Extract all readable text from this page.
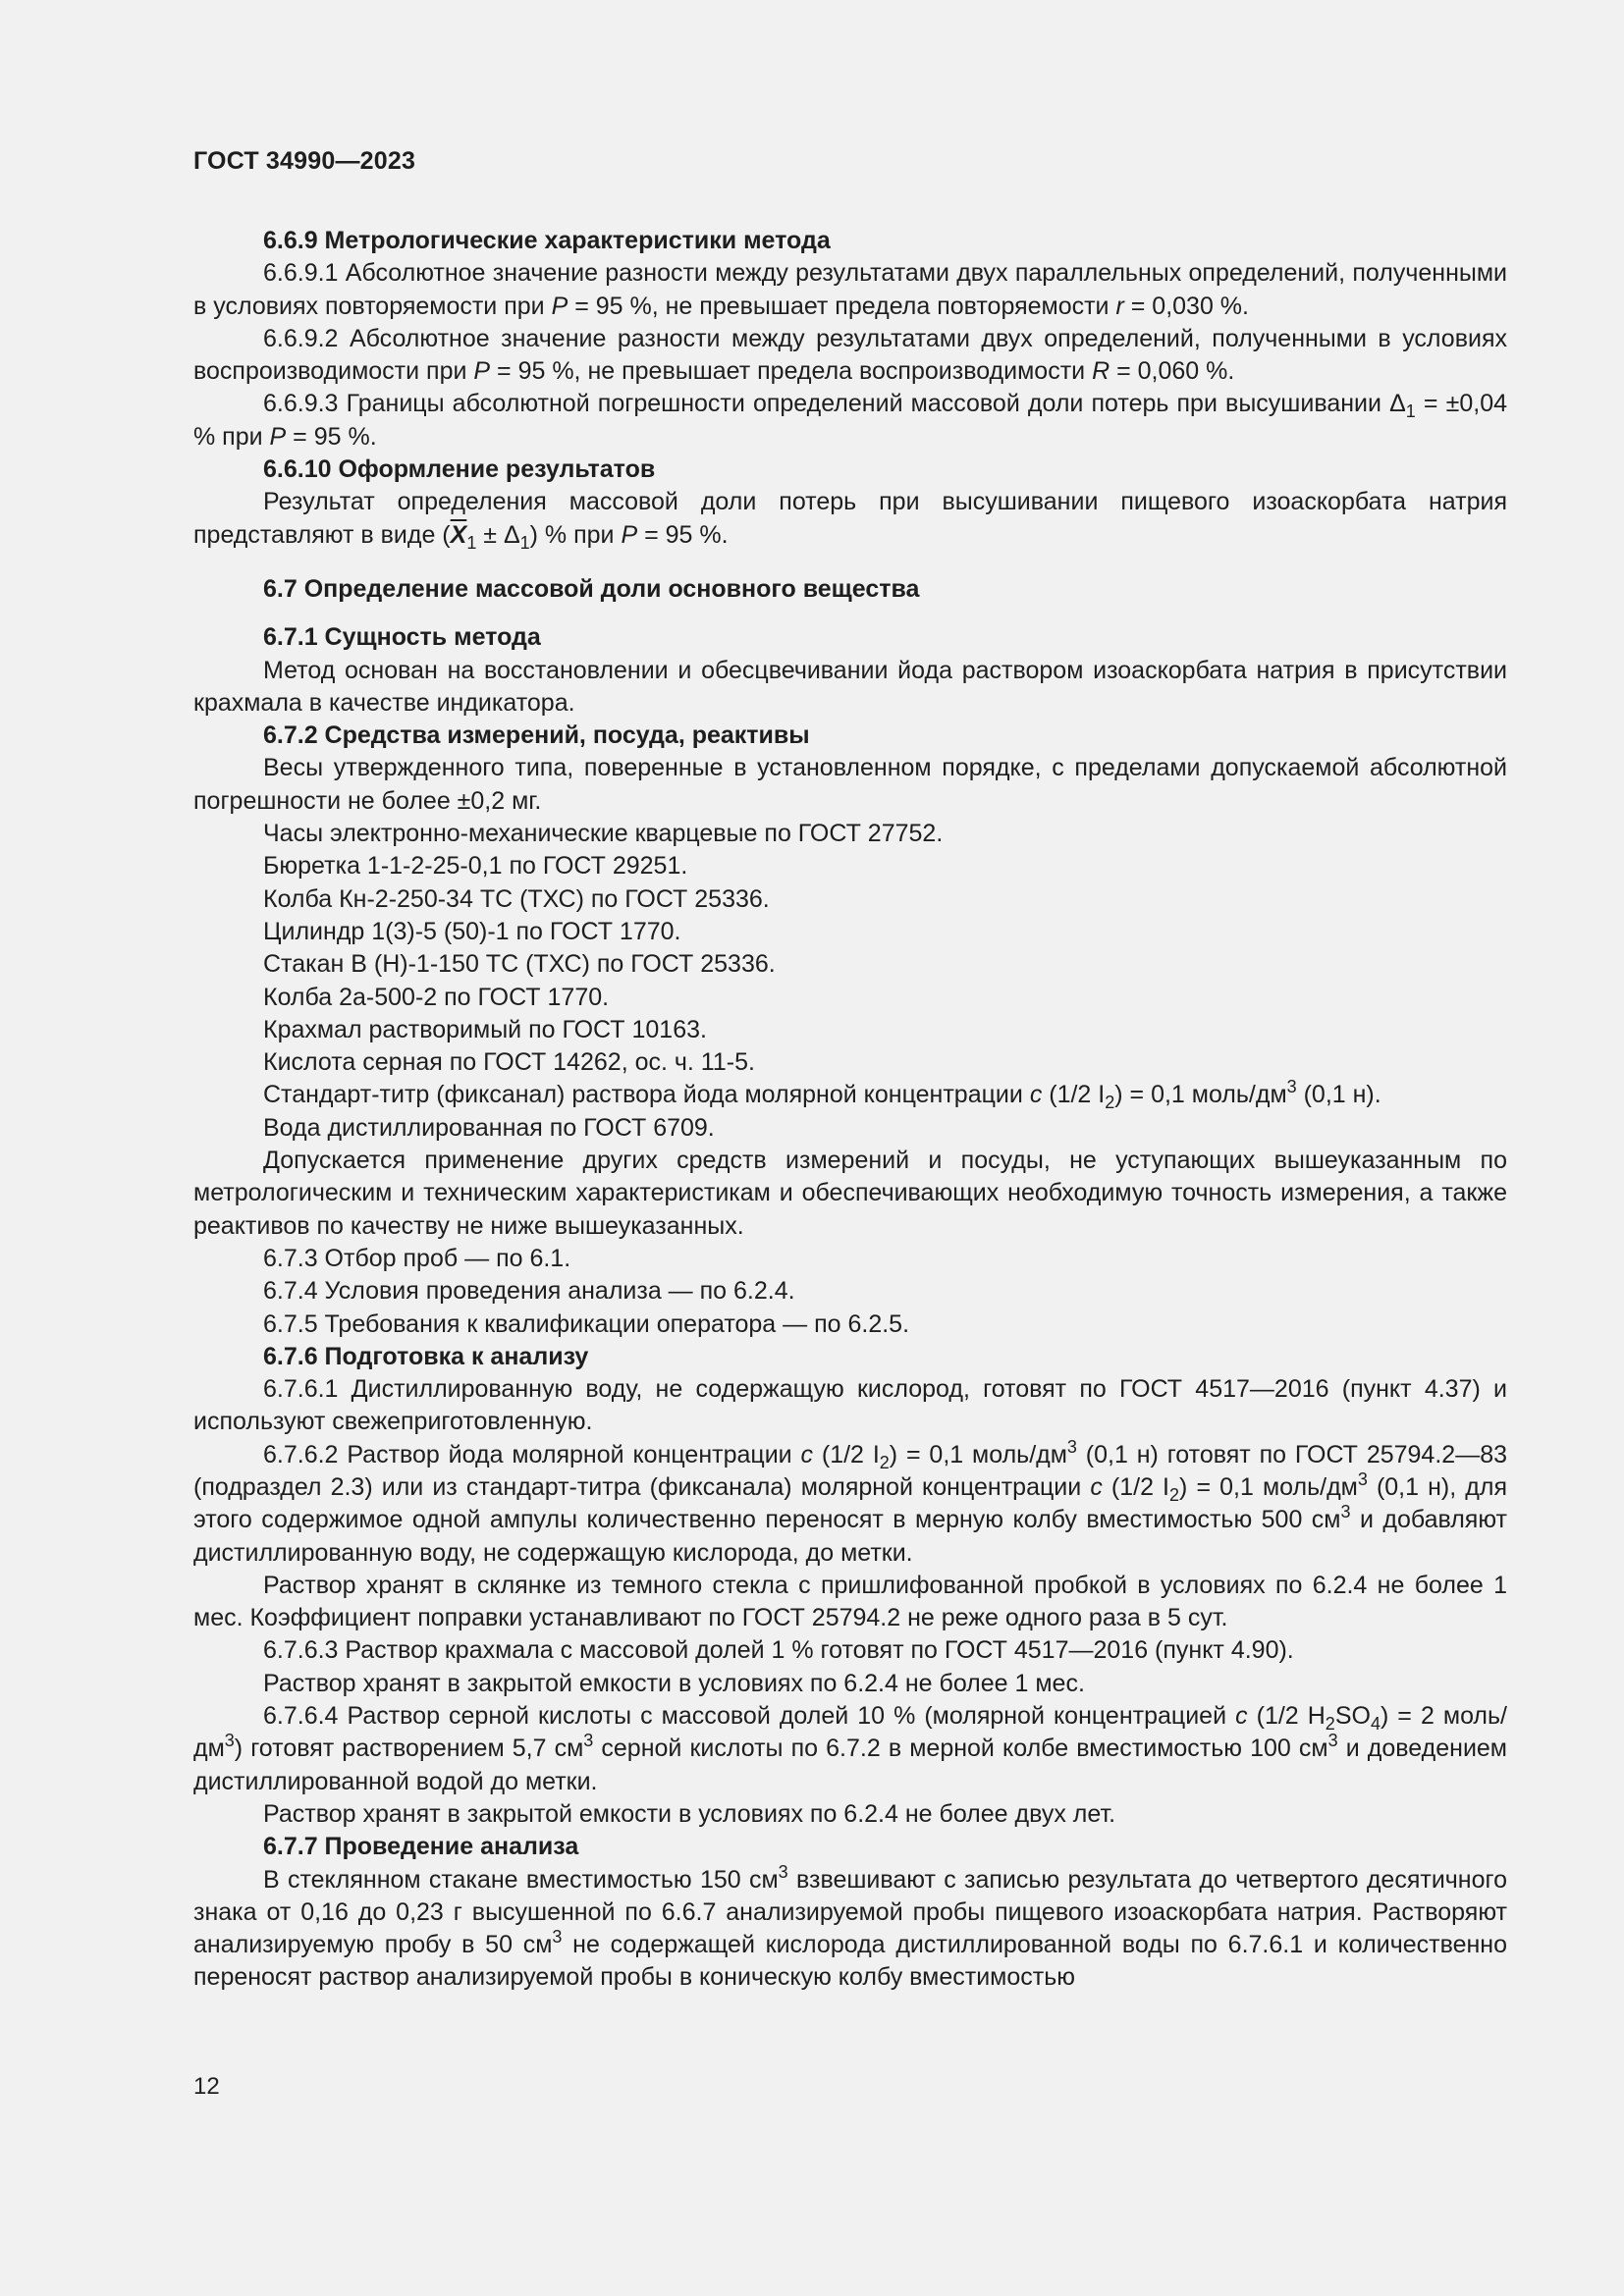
ГОСТ 34990—2023

6.6.9 Метрологические характеристики метода

6.6.9.1 Абсолютное значение разности между результатами двух параллельных определений, полученными в условиях повторяемости при P = 95 %, не превышает предела повторяемости r = 0,030 %.

6.6.9.2 Абсолютное значение разности между результатами двух определений, полученными в условиях воспроизводимости при P = 95 %, не превышает предела воспроизводимости R = 0,060 %.

6.6.9.3 Границы абсолютной погрешности определений массовой доли потерь при высушивании $\Delta_1 = \pm 0,04$ % при P = 95 %.

6.6.10 Оформление результатов

Результат определения массовой доли потерь при высушивании пищевого изоаскорбата натрия представляют в виде $(\overline{X}_1 \pm \Delta_1)$ % при P = 95 %.

6.7 Определение массовой доли основного вещества

6.7.1 Сущность метода

Метод основан на восстановлении и обесцвечивании йода раствором изоаскорбата натрия в присутствии крахмала в качестве индикатора.

6.7.2 Средства измерений, посуда, реактивы

Весы утвержденного типа, поверенные в установленном порядке, с пределами допускаемой абсолютной погрешности не более ±0,2 мг.

Часы электронно-механические кварцевые по ГОСТ 27752.

Бюретка 1-1-2-25-0,1 по ГОСТ 29251.

Колба Кн-2-250-34 ТС (ТХС) по ГОСТ 25336.

Цилиндр 1(3)-5 (50)-1 по ГОСТ 1770.

Стакан В (Н)-1-150 ТС (ТХС) по ГОСТ 25336.

Колба 2а-500-2 по ГОСТ 1770.

Крахмал растворимый по ГОСТ 10163.

Кислота серная по ГОСТ 14262, ос. ч. 11-5.

Стандарт-титр (фиксанал) раствора йода молярной концентрации c (1/2 $I_2) = 0,1$ моль/$дм^3$ (0,1 н).

Вода дистиллированная по ГОСТ 6709.

Допускается применение других средств измерений и посуды, не уступающих вышеуказанным по метрологическим и техническим характеристикам и обеспечивающих необходимую точность измерения, а также реактивов по качеству не ниже вышеуказанных.

6.7.3 Отбор проб — по 6.1.

6.7.4 Условия проведения анализа — по 6.2.4.

6.7.5 Требования к квалификации оператора — по 6.2.5.

6.7.6 Подготовка к анализу

6.7.6.1 Дистиллированную воду, не содержащую кислород, готовят по ГОСТ 4517—2016 (пункт 4.37) и используют свежеприготовленную.

6.7.6.2 Раствор йода молярной концентрации c (1/2 $I_2) = 0,1$ моль/$дм^3$ (0,1 н) готовят по ГОСТ 25794.2—83 (подраздел 2.3) или из стандарт-титра (фиксанала) молярной концентрации c (1/2 $I_2) = 0,1$ моль/$дм^3$ (0,1 н), для этого содержимое одной ампулы количественно переносят в мерную колбу вместимостью 500 $см^3$ и добавляют дистиллированную воду, не содержащую кислорода, до метки.

Раствор хранят в склянке из темного стекла с пришлифованной пробкой в условиях по 6.2.4 не более 1 мес. Коэффициент поправки устанавливают по ГОСТ 25794.2 не реже одного раза в 5 сут.

6.7.6.3 Раствор крахмала с массовой долей 1 % готовят по ГОСТ 4517—2016 (пункт 4.90).

Раствор хранят в закрытой емкости в условиях по 6.2.4 не более 1 мес.

6.7.6.4 Раствор серной кислоты с массовой долей 10 % (молярной концентрацией c (1/2 $H_2SO_4) = 2$ моль/$дм^3$) готовят растворением 5,7 $см^3$ серной кислоты по 6.7.2 в мерной колбе вместимостью 100 $см^3$ и доведением дистиллированной водой до метки.

Раствор хранят в закрытой емкости в условиях по 6.2.4 не более двух лет.

6.7.7 Проведение анализа

В стеклянном стакане вместимостью 150 $см^3$ взвешивают с записью результата до четвертого десятичного знака от 0,16 до 0,23 г высушенной по 6.6.7 анализируемой пробы пищевого изоаскорбата натрия. Растворяют анализируемую пробу в 50 $см^3$ не содержащей кислорода дистиллированной воды по 6.7.6.1 и количественно переносят раствор анализируемой пробы в коническую колбу вместимостью

12
